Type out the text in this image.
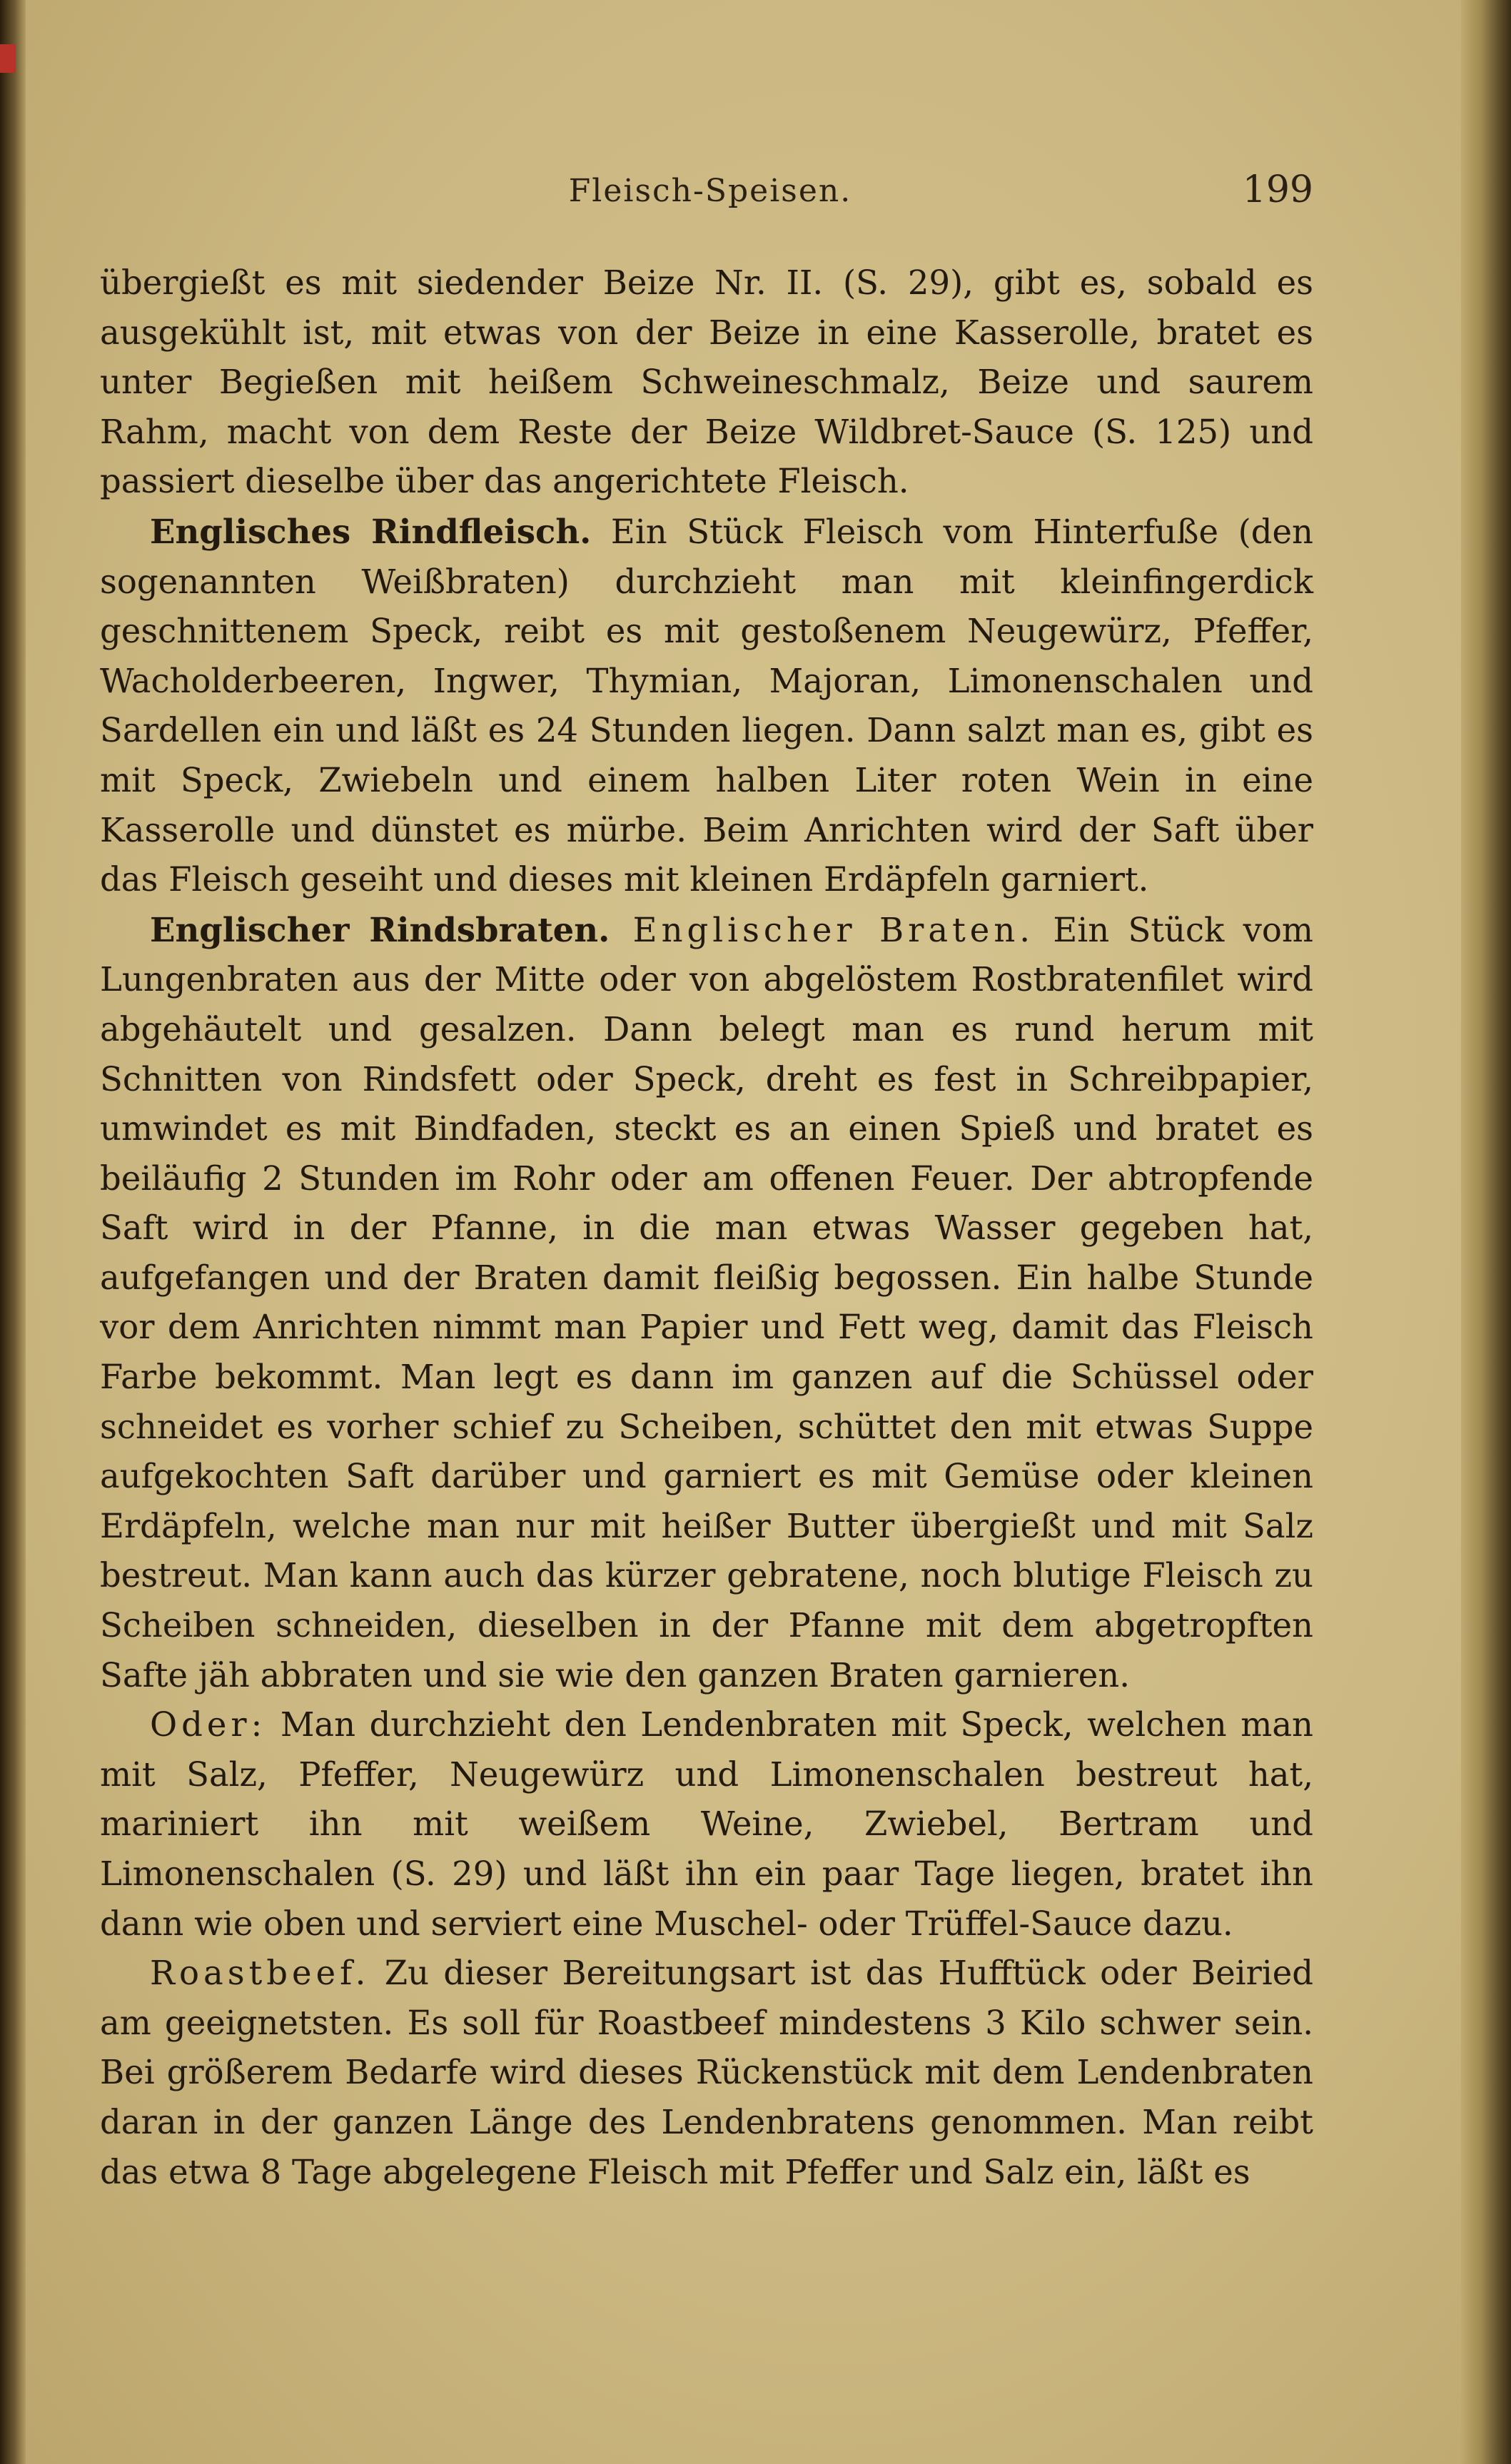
Fleisch-Speisen.	199

übergießt es mit siedender Beize Nr. II. (S. 29), gibt es, sobald es ausgekühlt ist, mit etwas von der Beize in eine Kasserolle, bratet es unter Begießen mit heißem Schweineschmalz, Beize und saurem Rahm, macht von dem Reste der Beize Wildbret-Sauce (S. 125) und passiert dieselbe über das angerichtete Fleisch.

Englisches Rindfleisch. Ein Stück Fleisch vom Hinterfuße (den sogenannten Weißbraten) durchzieht man mit kleinfingerdick geschnittenem Speck, reibt es mit gestoßenem Neugewürz, Pfeffer, Wacholderbeeren, Ingwer, Thymian, Majoran, Limonenschalen und Sardellen ein und läßt es 24 Stunden liegen. Dann salzt man es, gibt es mit Speck, Zwiebeln und einem halben Liter roten Wein in eine Kasserolle und dünstet es mürbe. Beim Anrichten wird der Saft über das Fleisch geseiht und dieses mit kleinen Erdäpfeln garniert.

Englischer Rindsbraten. Englischer Braten. Ein Stück vom Lungenbraten aus der Mitte oder von abgelöstem Rostbratenfilet wird abgehäutelt und gesalzen. Dann belegt man es rund herum mit Schnitten von Rindsfett oder Speck, dreht es fest in Schreibpapier, umwindet es mit Bindfaden, steckt es an einen Spieß und bratet es beiläufig 2 Stunden im Rohr oder am offenen Feuer. Der abtropfende Saft wird in der Pfanne, in die man etwas Wasser gegeben hat, aufgefangen und der Braten damit fleißig begossen. Ein halbe Stunde vor dem Anrichten nimmt man Papier und Fett weg, damit das Fleisch Farbe bekommt. Man legt es dann im ganzen auf die Schüssel oder schneidet es vorher schief zu Scheiben, schüttet den mit etwas Suppe aufgekochten Saft darüber und garniert es mit Gemüse oder kleinen Erdäpfeln, welche man nur mit heißer Butter übergießt und mit Salz bestreut. Man kann auch das kürzer gebratene, noch blutige Fleisch zu Scheiben schneiden, dieselben in der Pfanne mit dem abgetropften Safte jäh abbraten und sie wie den ganzen Braten garnieren.

Oder: Man durchzieht den Lendenbraten mit Speck, welchen man mit Salz, Pfeffer, Neugewürz und Limonenschalen bestreut hat, mariniert ihn mit weißem Weine, Zwiebel, Bertram und Limonenschalen (S. 29) und läßt ihn ein paar Tage liegen, bratet ihn dann wie oben und serviert eine Muschel- oder Trüffel-Sauce dazu.

Roastbeef. Zu dieser Bereitungsart ist das Hufftück oder Beiried am geeignetsten. Es soll für Roastbeef mindestens 3 Kilo schwer sein. Bei größerem Bedarfe wird dieses Rückenstück mit dem Lendenbraten daran in der ganzen Länge des Lendenbratens genommen. Man reibt das etwa 8 Tage abgelegene Fleisch mit Pfeffer und Salz ein, läßt es
